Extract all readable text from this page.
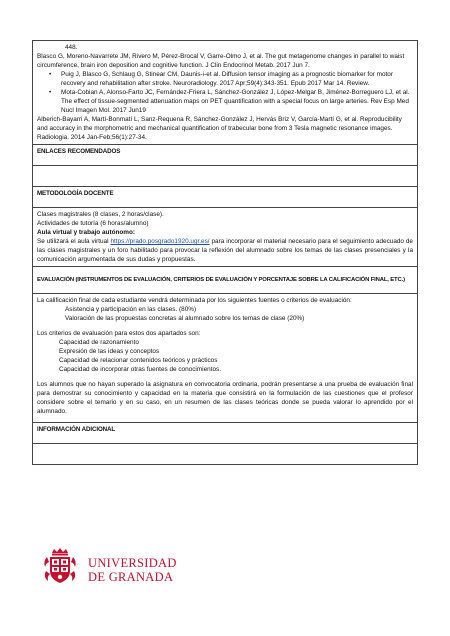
448.

Blasco G, Moreno-Navarrete JM, Rivero M, Pérez-Brocal V, Garre-Olmo J, et al. The gut metagenome changes in parallel to waist circumference, brain iron deposition and cognitive function. J Clin Endocrinol Metab. 2017 Jun 7.

• Puig J, Blasco G, Schlaug G, Stinear CM, Daunis-i-et al. Diffusion tensor imaging as a prognostic biomarker for motor recovery and rehabilitation after stroke. Neuroradiology. 2017 Apr;59(4):343-351. Epub 2017 Mar 14. Review.
• Mota-Cobian A, Alonso-Farto JC, Fernández-Friera L, Sánchez-González J, López-Melgar B, Jiménez-Borreguero LJ, et al. The effect of tissue-segmented attenuation maps on PET quantification with a special focus on large arteries. Rev Esp Med Nucl Imagen Mol. 2017 Jun19

Alberich-Bayarri A, Martí-Bonmatí L, Sanz-Requena R, Sánchez-González J, Hervás Briz V, García-Martí G, et al. Reproducibility and accuracy in the morphometric and mechanical quantification of trabecular bone from 3 Tesla magnetic resonance images. Radiologia. 2014 Jan-Feb;56(1):27-34.

ENLACES RECOMENDADOS

METODOLOGÍA DOCENTE

Clases magistrales (8 clases, 2 horas/clase).

Actividades de tutoría (6 horas/alumno)

Aula virtual y trabajo autónomo:

Se utilizará el aula virtual https://prado.posgrado1920.ugr.es/ para incorporar el material necesario para el seguimiento adecuado de las clases magistrales y un foro habilitado para provocar la reflexión del alumnado sobre los temas de las clases presenciales y la comunicación argumentada de sus dudas y propuestas.

EVALUACIÓN (INSTRUMENTOS DE EVALUACIÓN, CRITERIOS DE EVALUACIÓN Y PORCENTAJE SOBRE LA CALIFICACIÓN FINAL, ETC.)

La calificación final de cada estudiante vendrá determinada por los siguientes fuentes o criterios de evaluación:

Asistencia y participación en las clases. (80%)

Valoración de las propuestas concretas al alumnado sobre los temas de clase (20%)

Los criterios de evaluación para estos dos apartados son:

Capacidad de razonamiento

Expresión de las ideas y conceptos

Capacidad de relacionar contenidos teóricos y prácticos

Capacidad de incorporar otras fuentes de conocimientos.

Los alumnos que no hayan superado la asignatura en convocatoria ordinaria, podrán presentarse a una prueba de evaluación final para demostrar su conocimiento y capacidad en la materia que consistirá en la formulación de las cuestiones que el profesor considere sobre el temario y en su caso, en un resumen de las clases teóricas donde se pueda valorar lo aprendido por el alumnado.

INFORMACIÓN ADICIONAL

UNIVERSIDAD
DE GRANADA
